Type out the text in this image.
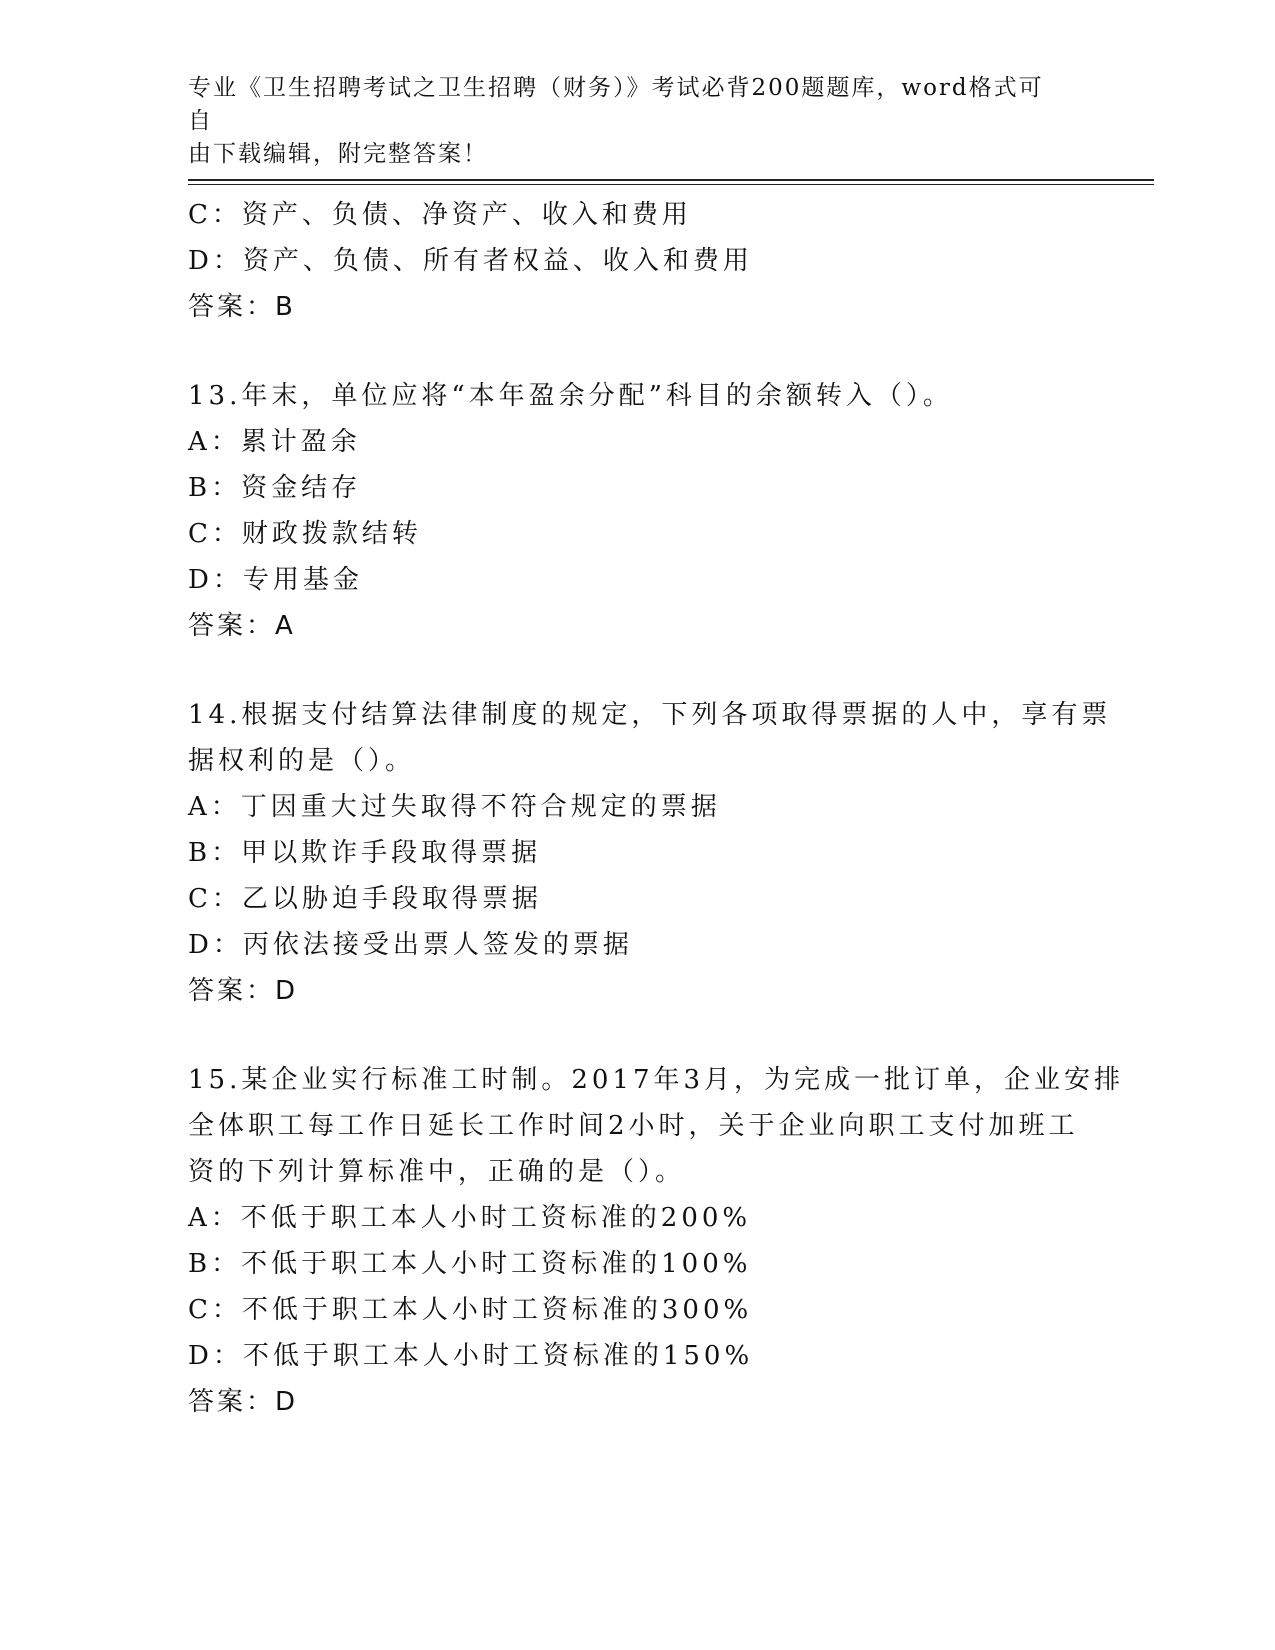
专业《卫生招聘考试之卫生招聘（财务）》考试必背200题题库，word格式可自
由下载编辑，附完整答案！
C：资产、负债、净资产、收入和费用
D：资产、负债、所有者权益、收入和费用
答案：B
13.年末，单位应将“本年盈余分配”科目的余额转入（）。
A：累计盈余
B：资金结存
C：财政拨款结转
D：专用基金
答案：A
14.根据支付结算法律制度的规定，下列各项取得票据的人中，享有票
据权利的是（）。
A：丁因重大过失取得不符合规定的票据
B：甲以欺诈手段取得票据
C：乙以胁迫手段取得票据
D：丙依法接受出票人签发的票据
答案：D
15.某企业实行标准工时制。2017年3月，为完成一批订单，企业安排
全体职工每工作日延长工作时间2小时，关于企业向职工支付加班工
资的下列计算标准中，正确的是（）。
A：不低于职工本人小时工资标准的200%
B：不低于职工本人小时工资标准的100%
C：不低于职工本人小时工资标准的300%
D：不低于职工本人小时工资标准的150%
答案：D
